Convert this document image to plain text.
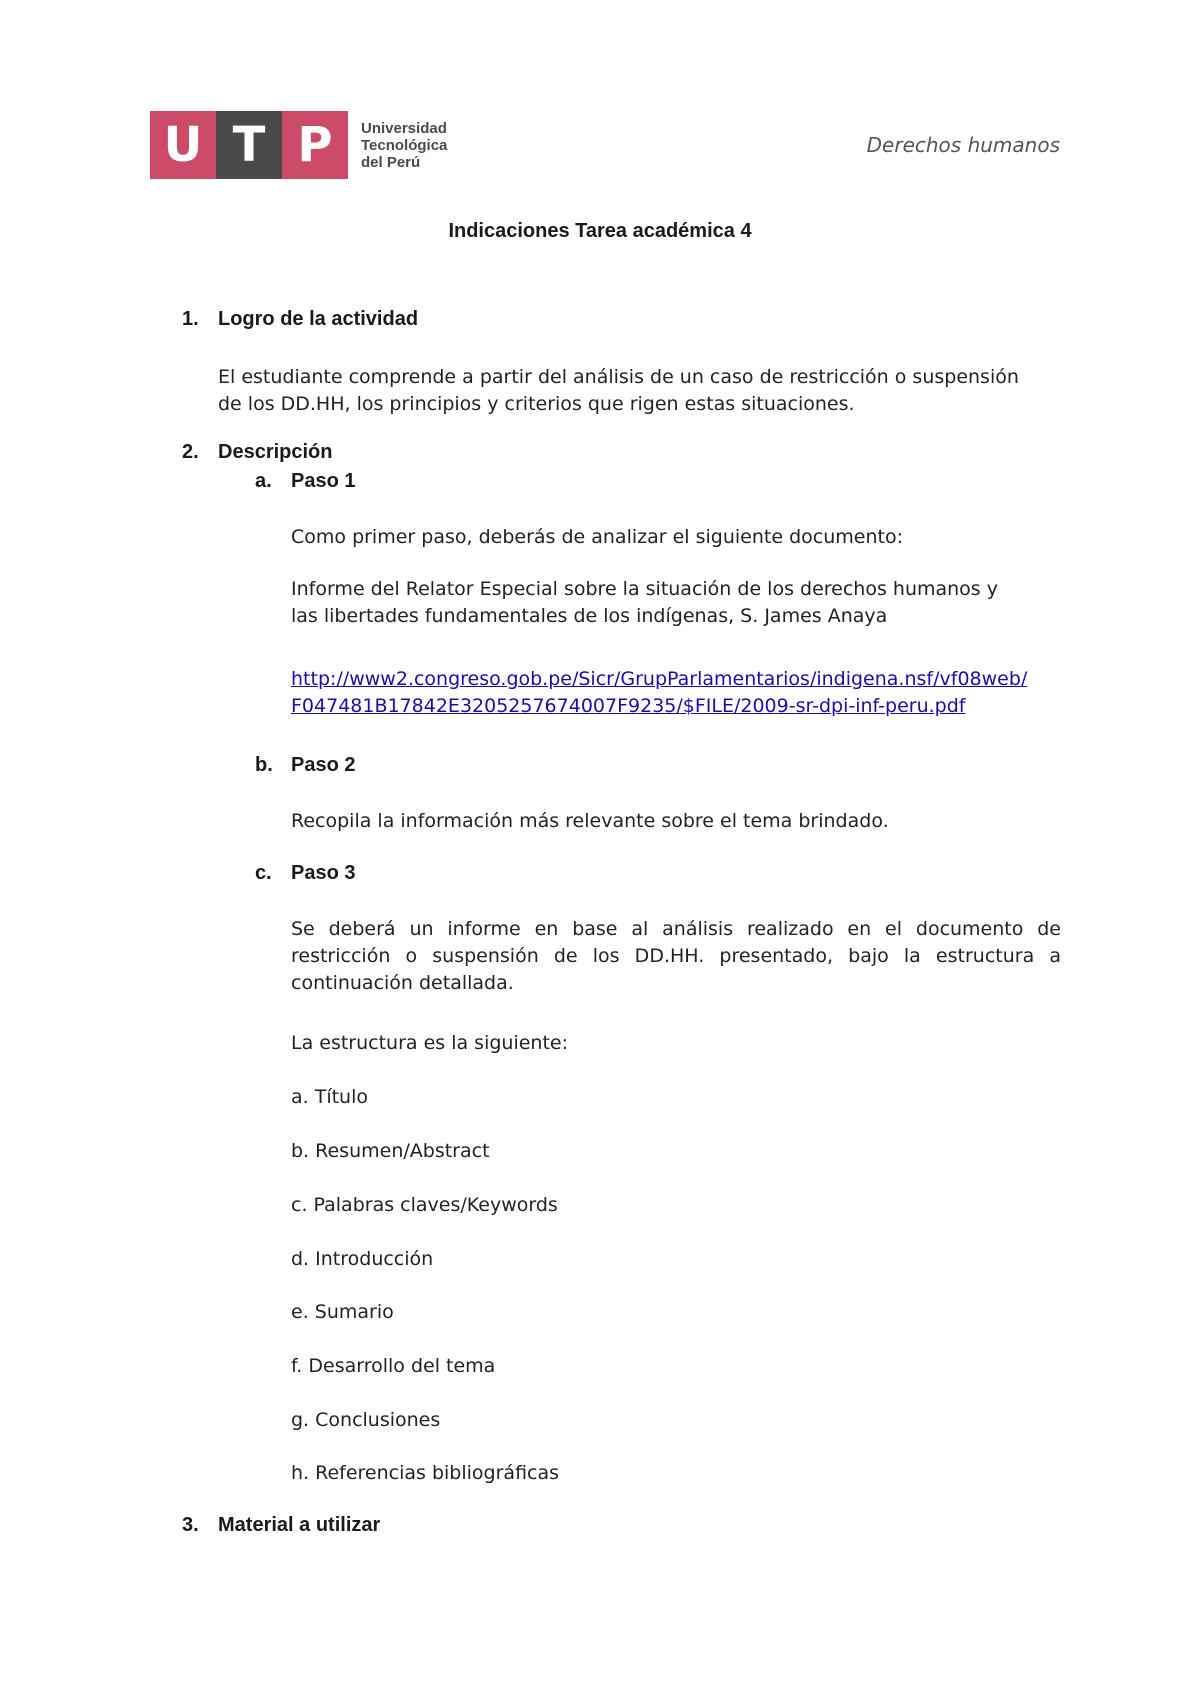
U T P	Universidad
Tecnológica
del Perú
Derechos humanos
Indicaciones Tarea académica 4
1. Logro de la actividad
El estudiante comprende a partir del análisis de un caso de restricción o suspensión
de los DD.HH, los principios y criterios que rigen estas situaciones.
2. Descripción
a. Paso 1
Como primer paso, deberás de analizar el siguiente documento:
Informe del Relator Especial sobre la situación de los derechos humanos y
las libertades fundamentales de los indígenas, S. James Anaya
http://www2.congreso.gob.pe/Sicr/GrupParlamentarios/indigena.nsf/vf08web/
F047481B17842E3205257674007F9235/$FILE/2009-sr-dpi-inf-peru.pdf
b. Paso 2
Recopila la información más relevante sobre el tema brindado.
c. Paso 3
Se deberá un informe en base al análisis realizado en el documento de restricción o suspensión de los DD.HH. presentado, bajo la estructura a continuación detallada.
La estructura es la siguiente:
a. Título
b. Resumen/Abstract
c. Palabras claves/Keywords
d. Introducción
e. Sumario
f. Desarrollo del tema
g. Conclusiones
h. Referencias bibliográficas
3. Material a utilizar
